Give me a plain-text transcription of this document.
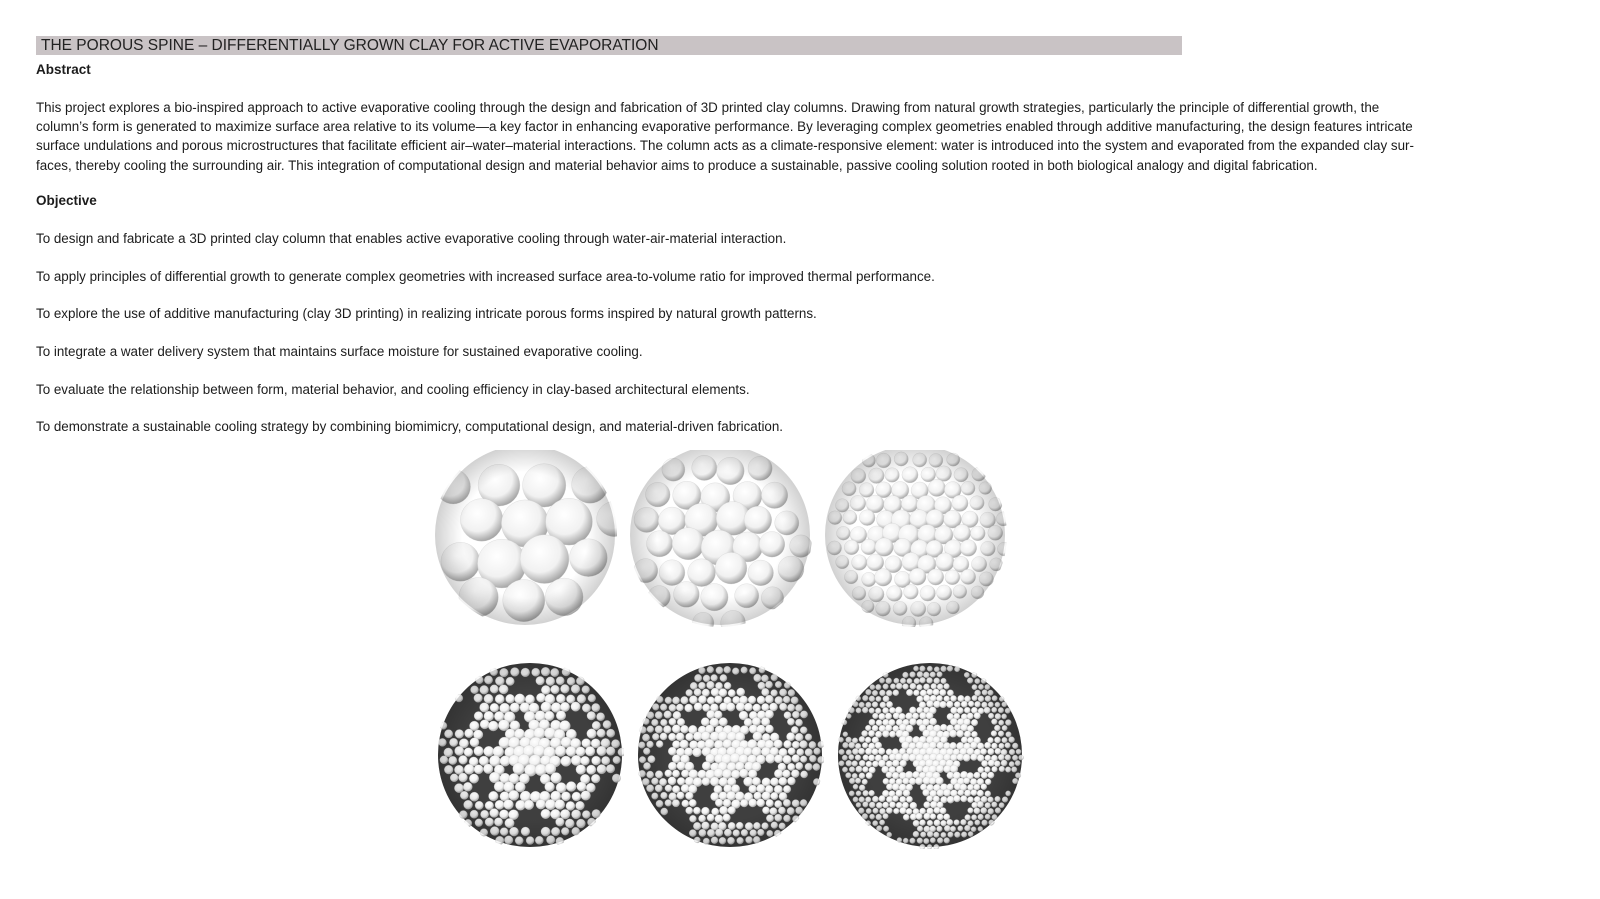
THE POROUS SPINE – DIFFERENTIALLY GROWN CLAY FOR ACTIVE EVAPORATION
Abstract

This project explores a bio-inspired approach to active evaporative cooling through the design and fabrication of 3D printed clay columns. Drawing from natural growth strategies, particularly the principle of differential growth, the
column’s form is generated to maximize surface area relative to its volume—a key factor in enhancing evaporative performance. By leveraging complex geometries enabled through additive manufacturing, the design features intricate
surface undulations and porous microstructures that facilitate efficient air–water–material interactions. The column acts as a climate-responsive element: water is introduced into the system and evaporated from the expanded clay sur-
faces, thereby cooling the surrounding air. This integration of computational design and material behavior aims to produce a sustainable, passive cooling solution rooted in both biological analogy and digital fabrication.

Objective
To design and fabricate a 3D printed clay column that enables active evaporative cooling through water-air-material interaction.
To apply principles of differential growth to generate complex geometries with increased surface area-to-volume ratio for improved thermal performance.
To explore the use of additive manufacturing (clay 3D printing) in realizing intricate porous forms inspired by natural growth patterns.
To integrate a water delivery system that maintains surface moisture for sustained evaporative cooling.
To evaluate the relationship between form, material behavior, and cooling efficiency in clay-based architectural elements.
To demonstrate a sustainable cooling strategy by combining biomimicry, computational design, and material-driven fabrication.
